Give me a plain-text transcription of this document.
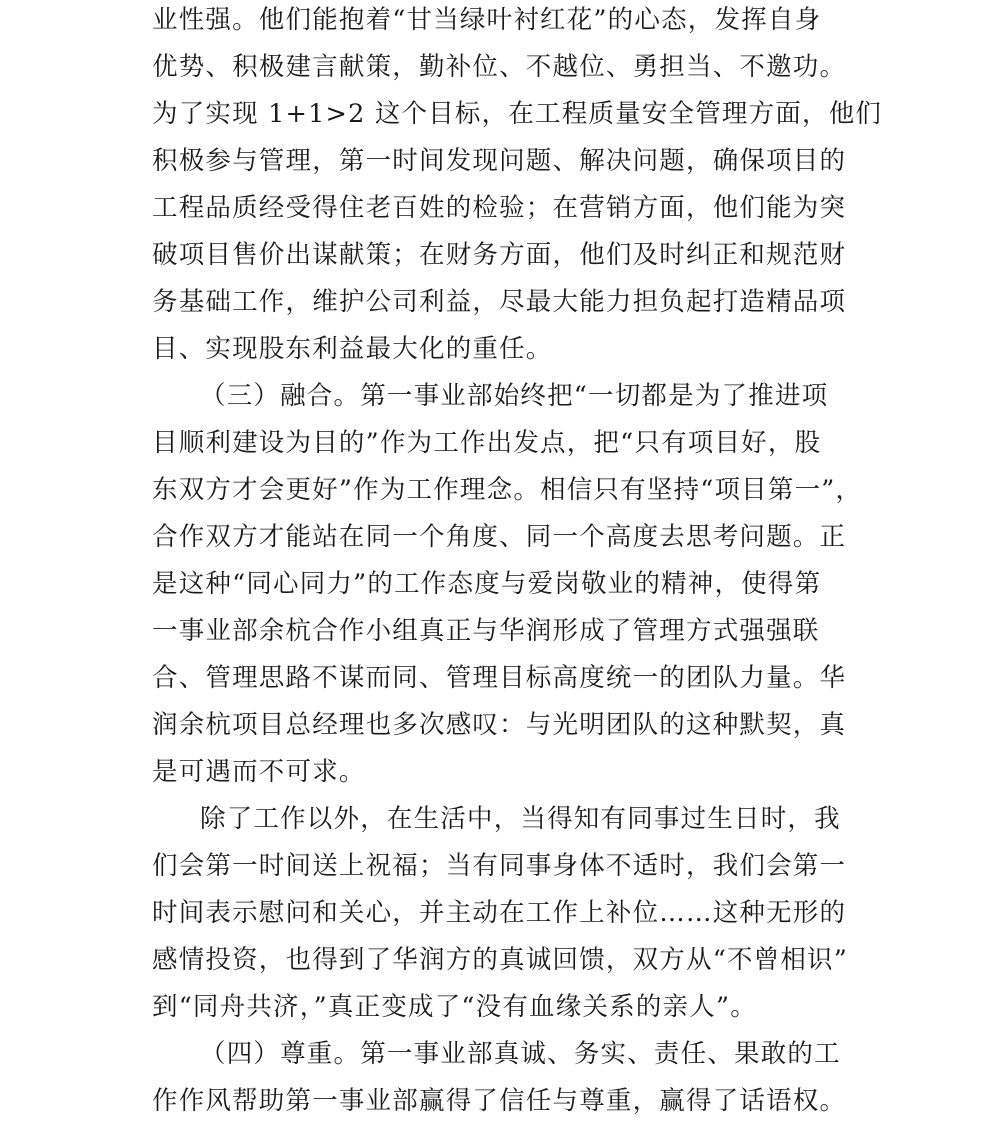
业性强。他们能抱着“甘当绿叶衬红花”的心态，发挥自身
优势、积极建言献策，勤补位、不越位、勇担当、不邀功。
为了实现 1+1>2 这个目标，在工程质量安全管理方面，他们
积极参与管理，第一时间发现问题、解决问题，确保项目的
工程品质经受得住老百姓的检验；在营销方面，他们能为突
破项目售价出谋献策；在财务方面，他们及时纠正和规范财
务基础工作，维护公司利益，尽最大能力担负起打造精品项
目、实现股东利益最大化的重任。
（三）融合。第一事业部始终把“一切都是为了推进项
目顺利建设为目的”作为工作出发点，把“只有项目好，股
东双方才会更好”作为工作理念。相信只有坚持“项目第一”，
合作双方才能站在同一个角度、同一个高度去思考问题。正
是这种“同心同力”的工作态度与爱岗敬业的精神，使得第
一事业部余杭合作小组真正与华润形成了管理方式强强联
合、管理思路不谋而同、管理目标高度统一的团队力量。华
润余杭项目总经理也多次感叹：与光明团队的这种默契，真
是可遇而不可求。
除了工作以外，在生活中，当得知有同事过生日时，我
们会第一时间送上祝福；当有同事身体不适时，我们会第一
时间表示慰问和关心，并主动在工作上补位……这种无形的
感情投资，也得到了华润方的真诚回馈，双方从“不曾相识”
到“同舟共济，”真正变成了“没有血缘关系的亲人”。
（四）尊重。第一事业部真诚、务实、责任、果敢的工
作作风帮助第一事业部赢得了信任与尊重，赢得了话语权。
